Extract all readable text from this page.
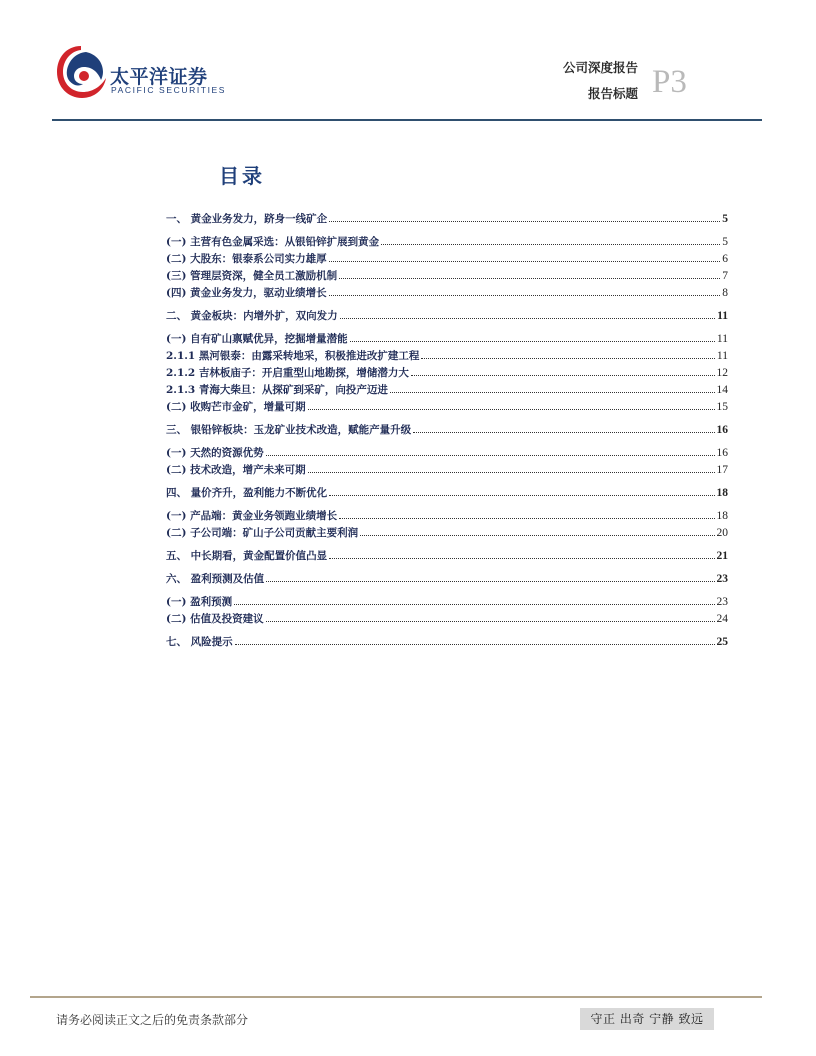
太平洋证券
PACIFIC SECURITIES
公司深度报告
报告标题 P3
目录
一、 黄金业务发力，跻身一线矿企	5
(一) 主营有色金属采选：从银铅锌扩展到黄金	5
(二) 大股东：银泰系公司实力雄厚	6
(三) 管理层资深，健全员工激励机制	7
(四) 黄金业务发力，驱动业绩增长	8
二、 黄金板块：内增外扩，双向发力	11
(一) 自有矿山禀赋优异，挖掘增量潜能	11
2.1.1 黑河银泰：由露采转地采，积极推进改扩建工程	11
2.1.2 吉林板庙子：开启重型山地勘探，增储潜力大	12
2.1.3 青海大柴旦：从探矿到采矿，向投产迈进	14
(二) 收购芒市金矿，增量可期	15
三、 银铅锌板块：玉龙矿业技术改造，赋能产量升级	16
(一) 天然的资源优势	16
(二) 技术改造，增产未来可期	17
四、 量价齐升，盈利能力不断优化	18
(一) 产品端：黄金业务领跑业绩增长	18
(二) 子公司端：矿山子公司贡献主要利润	20
五、 中长期看，黄金配置价值凸显	21
六、 盈利预测及估值	23
(一) 盈利预测	23
(二) 估值及投资建议	24
七、 风险提示	25
请务必阅读正文之后的免责条款部分	守正 出奇 宁静 致远
